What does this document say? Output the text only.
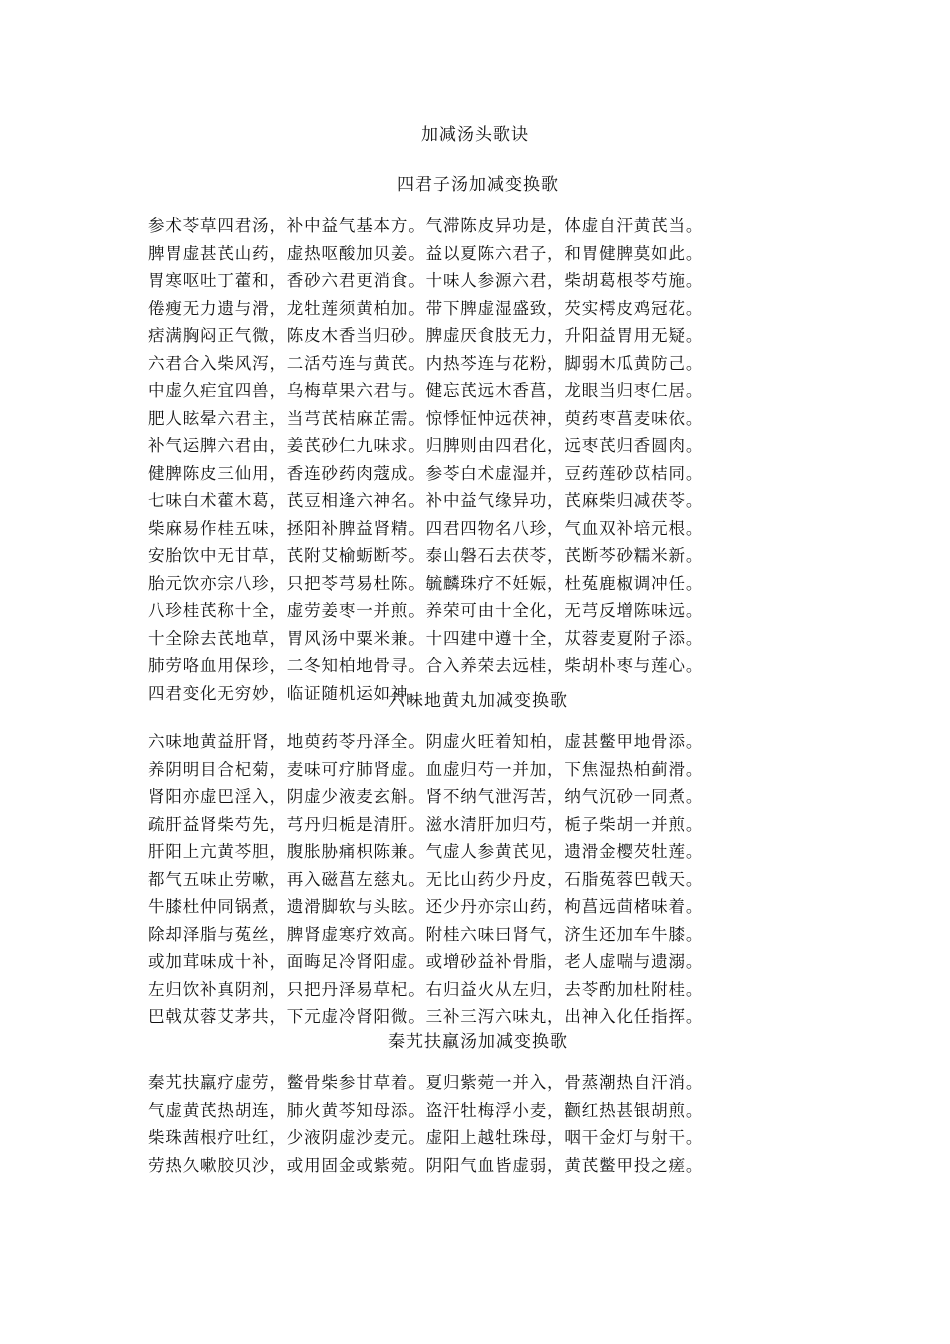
加减汤头歌诀
四君子汤加减变换歌
参术苓草四君汤，补中益气基本方。气滞陈皮异功是，体虚自汗黄芪当。
脾胃虚甚芪山药，虚热呕酸加贝姜。益以夏陈六君子，和胃健脾莫如此。
胃寒呕吐丁藿和，香砂六君更消食。十味人参源六君，柴胡葛根苓芍施。
倦瘦无力遗与滑，龙牡莲须黄柏加。带下脾虚湿盛致，芡实樗皮鸡冠花。
痞满胸闷正气微，陈皮木香当归砂。脾虚厌食肢无力，升阳益胃用无疑。
六君合入柴风泻，二活芍连与黄芪。内热芩连与花粉，脚弱木瓜黄防己。
中虚久疟宜四兽，乌梅草果六君与。健忘芪远木香菖，龙眼当归枣仁居。
肥人眩晕六君主，当芎芪桔麻芷需。惊悸怔忡远茯神，萸药枣菖麦味依。
补气运脾六君由，姜芪砂仁九味求。归脾则由四君化，远枣芪归香圆肉。
健脾陈皮三仙用，香连砂药肉蔻成。参苓白术虚湿并，豆药莲砂苡桔同。
七味白术藿木葛，芪豆相逢六神名。补中益气缘异功，芪麻柴归减茯苓。
柴麻易作桂五味，拯阳补脾益肾精。四君四物名八珍，气血双补培元根。
安胎饮中无甘草，芪附艾榆蛎断芩。泰山磐石去茯苓，芪断芩砂糯米新。
胎元饮亦宗八珍，只把苓芎易杜陈。毓麟珠疗不妊娠，杜菟鹿椒调冲任。
八珍桂芪称十全，虚劳姜枣一并煎。养荣可由十全化，无芎反增陈味远。
十全除去芪地草，胃风汤中粟米兼。十四建中遵十全，苁蓉麦夏附子添。
肺劳咯血用保珍，二冬知柏地骨寻。合入养荣去远桂，柴胡朴枣与莲心。
四君变化无穷妙，临证随机运如神。
六味地黄丸加减变换歌
六味地黄益肝肾，地萸药苓丹泽全。阴虚火旺着知柏，虚甚鳖甲地骨添。
养阴明目合杞菊，麦味可疗肺肾虚。血虚归芍一并加，下焦湿热柏蓟滑。
肾阳亦虚巴淫入，阴虚少液麦玄斛。肾不纳气泄泻苦，纳气沉砂一同煮。
疏肝益肾柴芍先，芎丹归栀是清肝。滋水清肝加归芍，栀子柴胡一并煎。
肝阳上亢黄芩胆，腹胀胁痛枳陈兼。气虚人参黄芪见，遗滑金樱芡牡莲。
都气五味止劳嗽，再入磁菖左慈丸。无比山药少丹皮，石脂菟蓉巴戟天。
牛膝杜仲同锅煮，遗滑脚软与头眩。还少丹亦宗山药，枸菖远茴楮味着。
除却泽脂与菟丝，脾肾虚寒疗效高。附桂六味曰肾气，济生还加车牛膝。
或加茸味成十补，面晦足冷肾阳虚。或增砂益补骨脂，老人虚喘与遗溺。
左归饮补真阴剂，只把丹泽易草杞。右归益火从左归，去苓酌加杜附桂。
巴戟苁蓉艾茅共，下元虚冷肾阳微。三补三泻六味丸，出神入化任指挥。
秦艽扶羸汤加减变换歌
秦艽扶羸疗虚劳，鳖骨柴参甘草着。夏归紫菀一并入，骨蒸潮热自汗消。
气虚黄芪热胡连，肺火黄芩知母添。盗汗牡梅浮小麦，颧红热甚银胡煎。
柴珠茜根疗吐红，少液阴虚沙麦元。虚阳上越牡珠母，咽干金灯与射干。
劳热久嗽胶贝沙，或用固金或紫菀。阴阳气血皆虚弱，黄芪鳖甲投之瘥。
